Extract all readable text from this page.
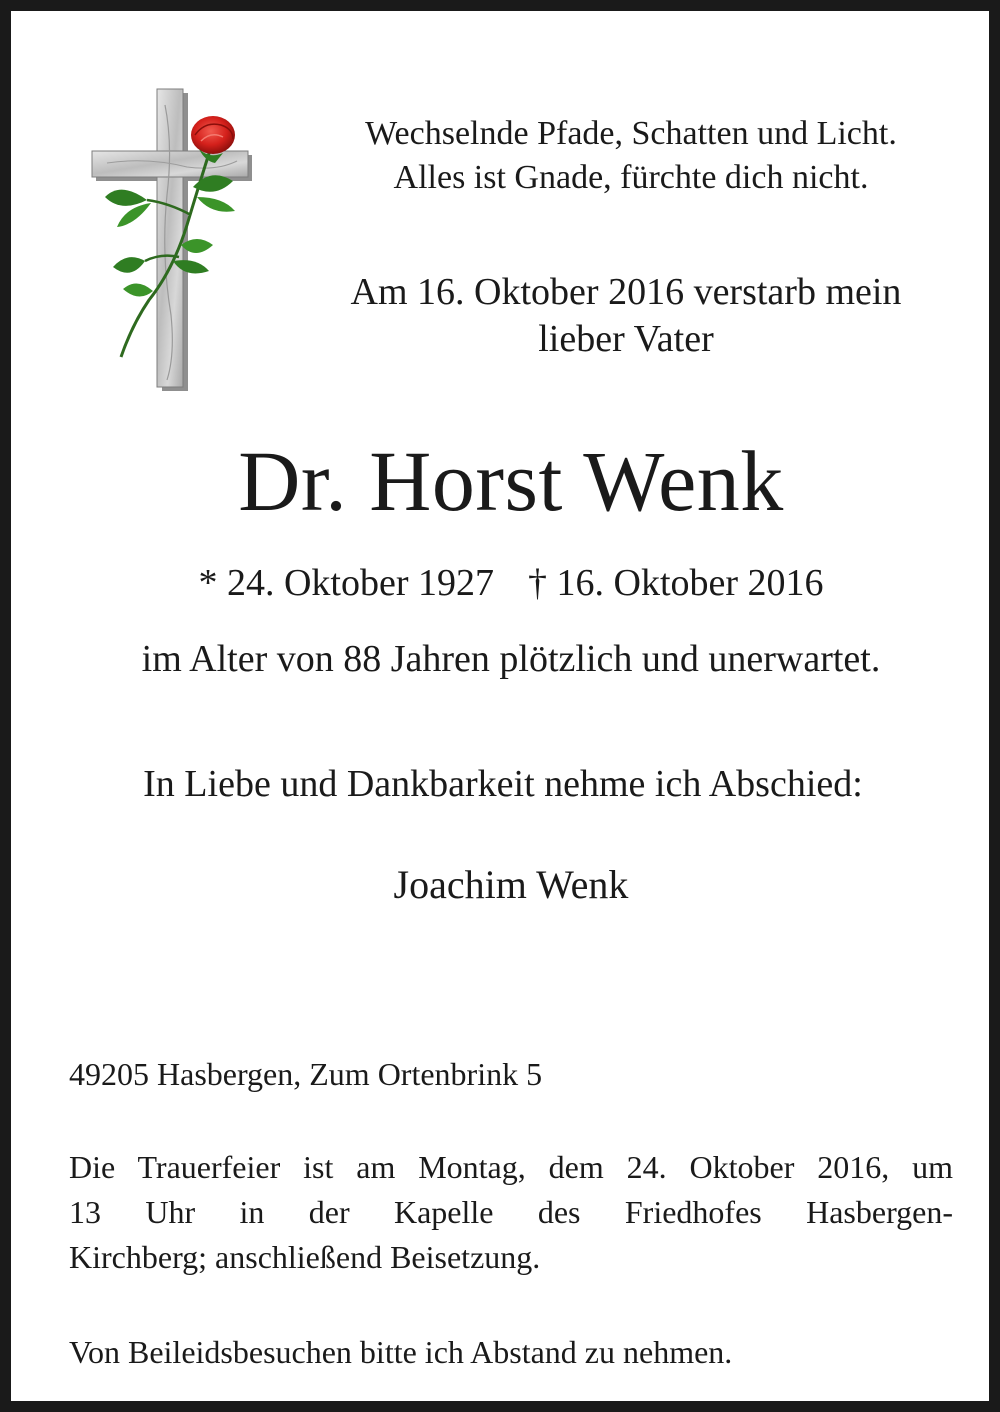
Wechselnde Pfade, Schatten und Licht.
Alles ist Gnade, fürchte dich nicht.
Am 16. Oktober 2016 verstarb mein
lieber Vater
Dr. Horst Wenk
* 24. Oktober 1927 † 16. Oktober 2016
im Alter von 88 Jahren plötzlich und unerwartet.
In Liebe und Dankbarkeit nehme ich Abschied:
Joachim Wenk
49205 Hasbergen, Zum Ortenbrink 5
Die Trauerfeier ist am Montag, dem 24. Oktober 2016, um
13 Uhr in der Kapelle des Friedhofes Hasbergen-
Kirchberg; anschließend Beisetzung.
Von Beileidsbesuchen bitte ich Abstand zu nehmen.
